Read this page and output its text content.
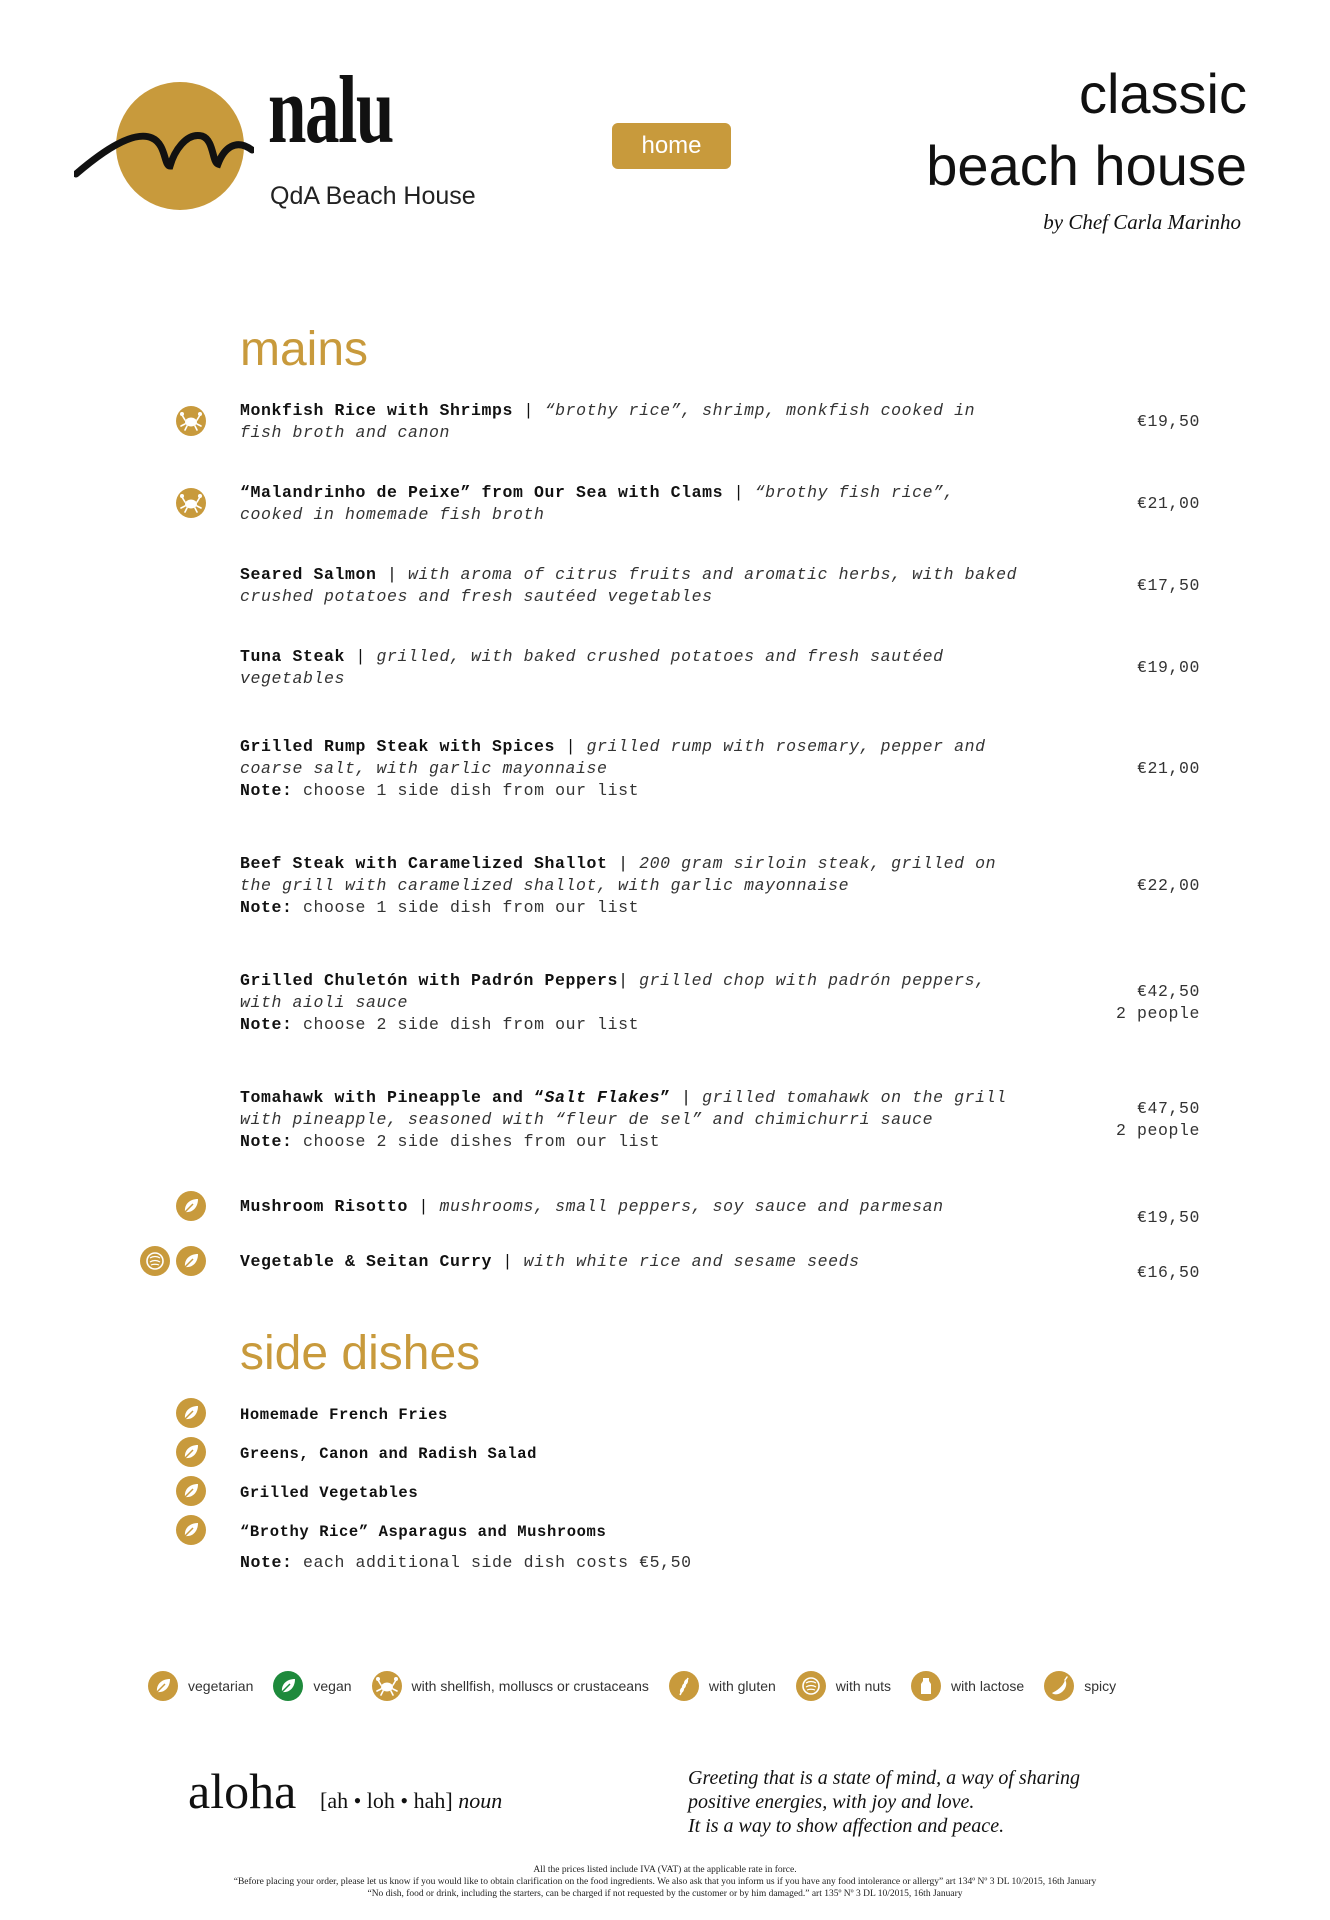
nalu
QdA Beach House
home
classic
beach house
by Chef Carla Marinho
mains
Monkfish Rice with Shrimps | “brothy rice”, shrimp, monkfish cooked in fish broth and canon
€19,50
“Malandrinho de Peixe” from Our Sea with Clams | “brothy fish rice”, cooked in homemade fish broth
€21,00
Seared Salmon | with aroma of citrus fruits and aromatic herbs, with baked crushed potatoes and fresh sautéed vegetables
€17,50
Tuna Steak | grilled, with baked crushed potatoes and fresh sautéed vegetables
€19,00
Grilled Rump Steak with Spices | grilled rump with rosemary, pepper and coarse salt, with garlic mayonnaise
Note: choose 1 side dish from our list
€21,00
Beef Steak with Caramelized Shallot | 200 gram sirloin steak, grilled on the grill with caramelized shallot, with garlic mayonnaise
Note: choose 1 side dish from our list
€22,00
Grilled Chuletón with Padrón Peppers| grilled chop with padrón peppers, with aioli sauce
Note: choose 2 side dish from our list
€42,50
2 people
Tomahawk with Pineapple and “Salt Flakes” | grilled tomahawk on the grill with pineapple, seasoned with “fleur de sel” and chimichurri sauce
Note: choose 2 side dishes from our list
€47,50
2 people
Mushroom Risotto | mushrooms, small peppers, soy sauce and parmesan
€19,50
Vegetable & Seitan Curry | with white rice and sesame seeds
€16,50
side dishes
Homemade French Fries
Greens, Canon and Radish Salad
Grilled Vegetables
“Brothy Rice” Asparagus and Mushrooms
Note: each additional side dish costs €5,50
vegetarian	vegan	with shellfish, molluscs or crustaceans	with gluten	with nuts	with lactose	spicy
aloha [ah • loh • hah] noun
Greeting that is a state of mind, a way of sharing
positive energies, with joy and love.
It is a way to show affection and peace.
All the prices listed include IVA (VAT) at the applicable rate in force.
“Before placing your order, please let us know if you would like to obtain clarification on the food ingredients. We also ask that you inform us if you have any food intolerance or allergy” art 134º Nº 3 DL 10/2015, 16th January
“No dish, food or drink, including the starters, can be charged if not requested by the customer or by him damaged.” art 135º Nº 3 DL 10/2015, 16th January
